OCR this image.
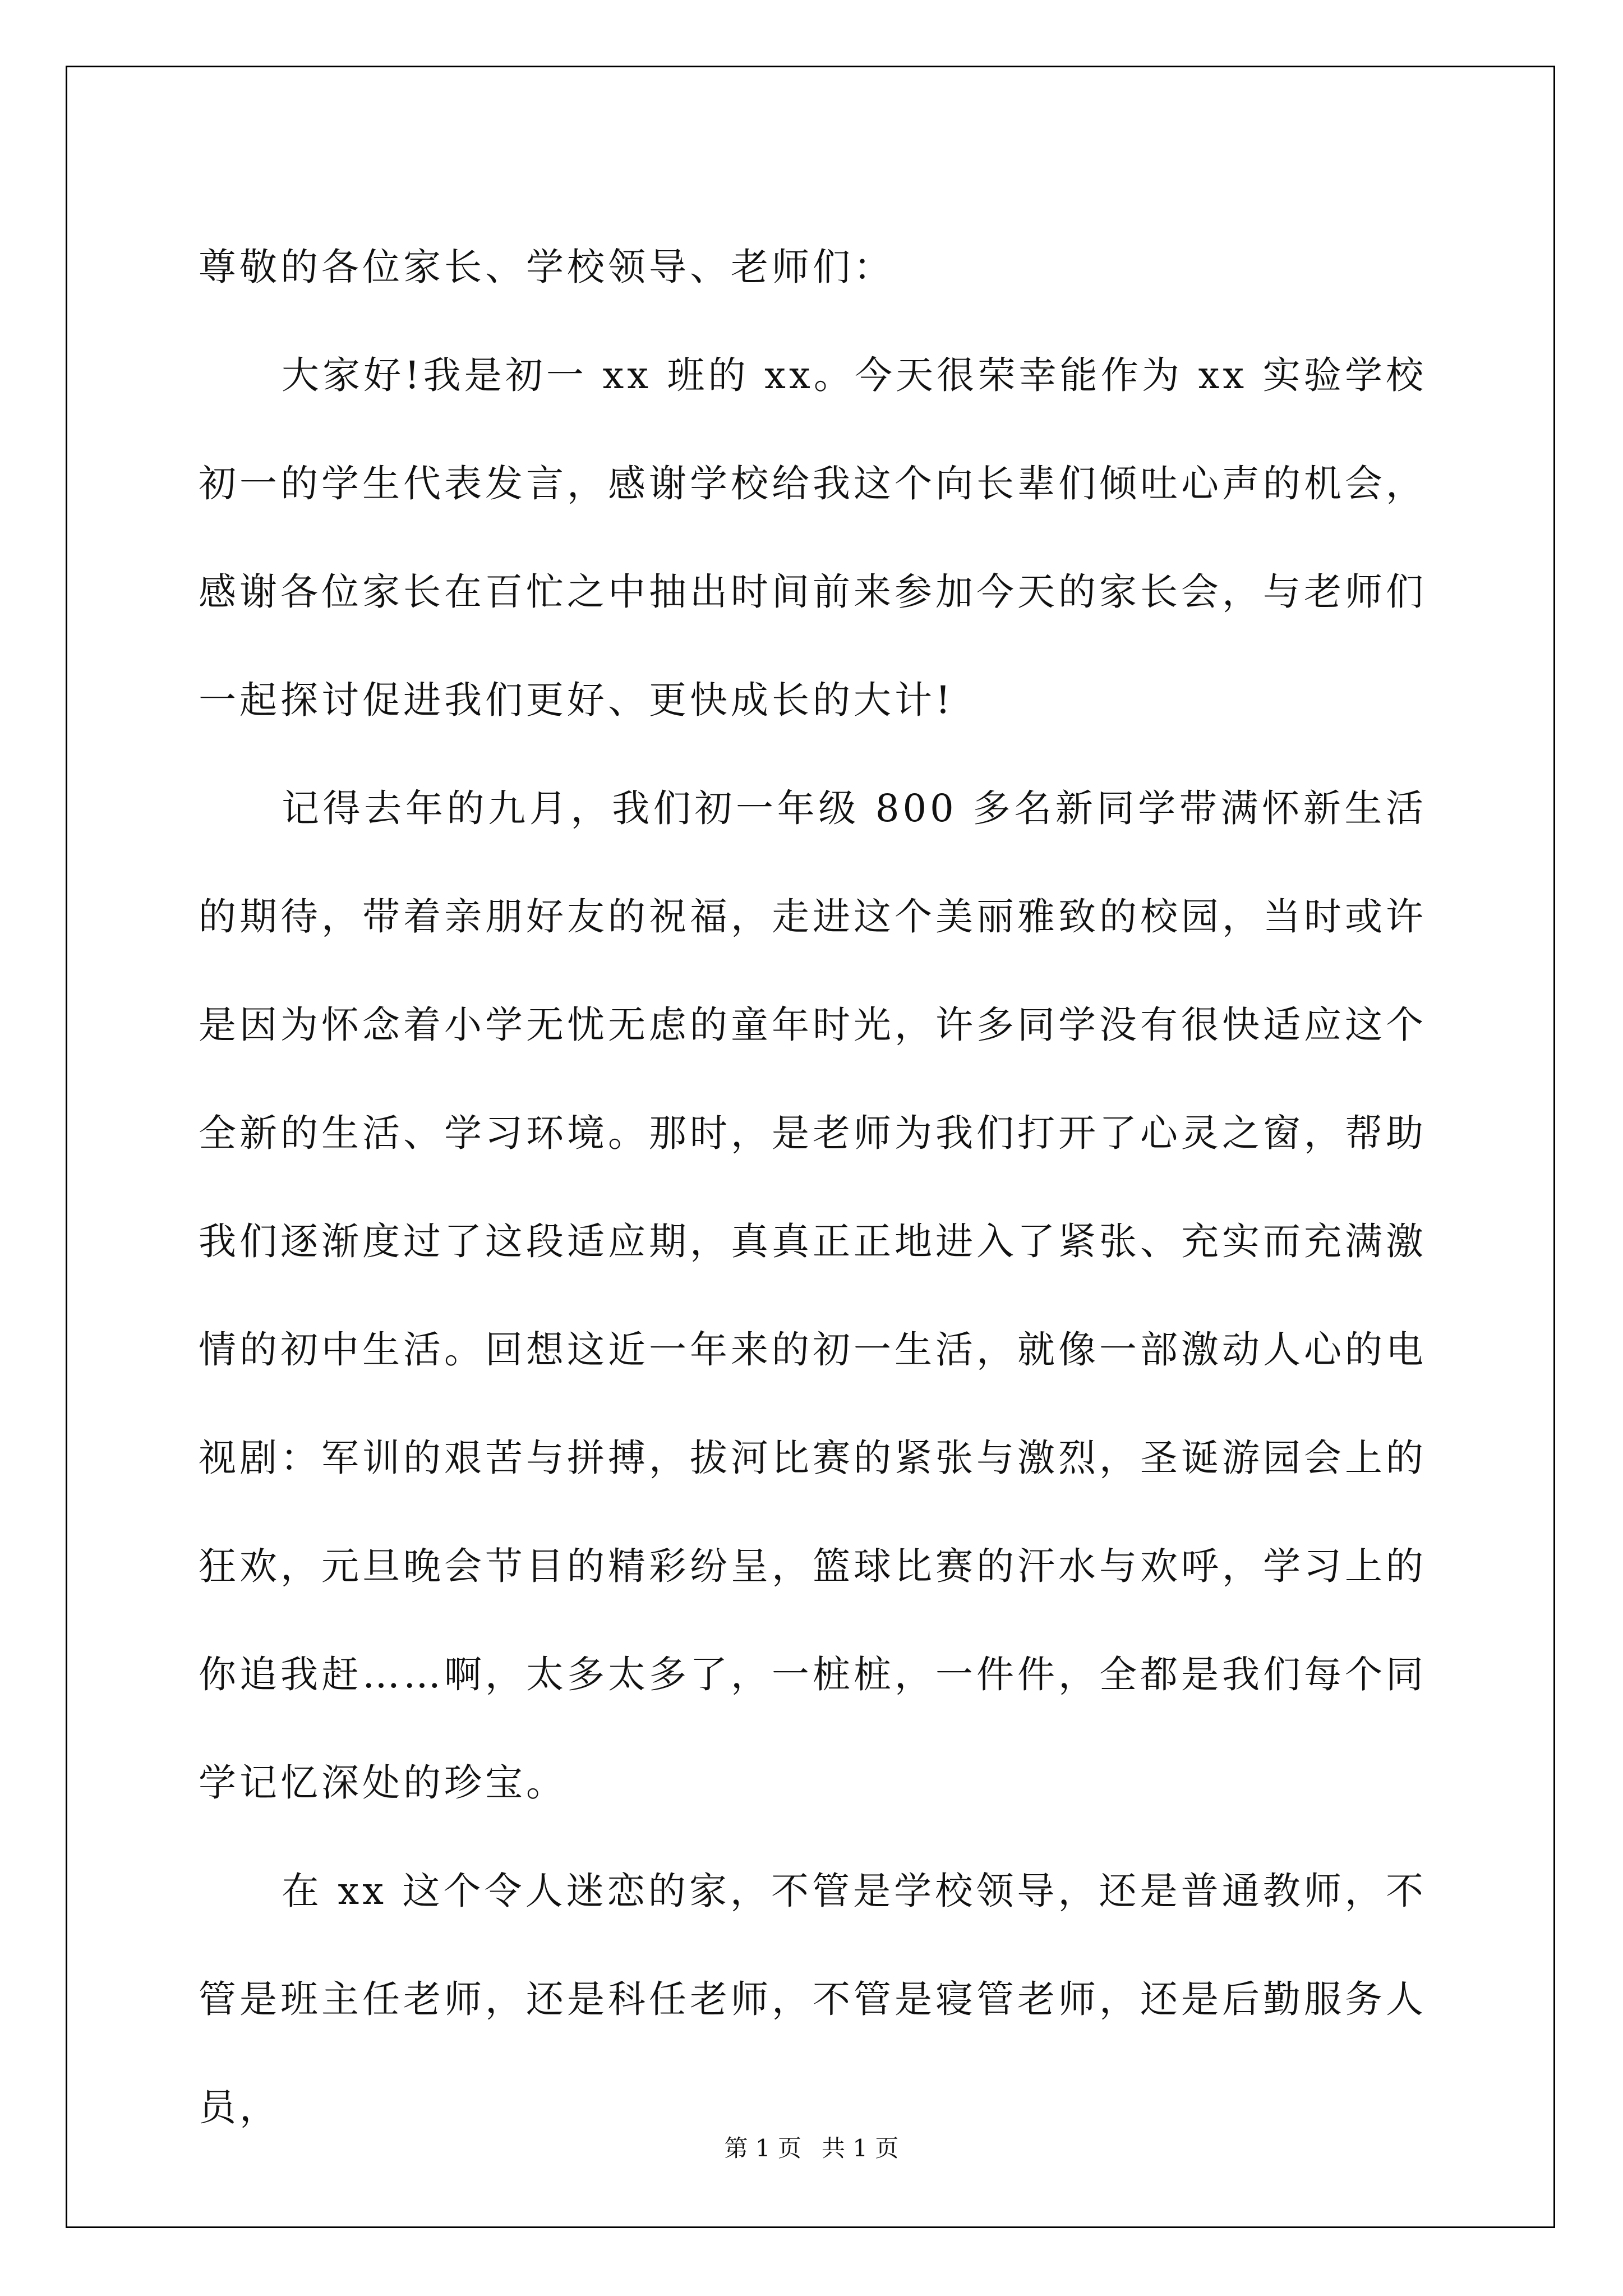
尊敬的各位家长、学校领导、老师们：

大家好!我是初一 xx 班的 xx。今天很荣幸能作为 xx 实验学校初一的学生代表发言，感谢学校给我这个向长辈们倾吐心声的机会，感谢各位家长在百忙之中抽出时间前来参加今天的家长会，与老师们一起探讨促进我们更好、更快成长的大计!

记得去年的九月，我们初一年级 800 多名新同学带满怀新生活的期待，带着亲朋好友的祝福，走进这个美丽雅致的校园，当时或许是因为怀念着小学无忧无虑的童年时光，许多同学没有很快适应这个全新的生活、学习环境。那时，是老师为我们打开了心灵之窗，帮助我们逐渐度过了这段适应期，真真正正地进入了紧张、充实而充满激情的初中生活。回想这近一年来的初一生活，就像一部激动人心的电视剧：军训的艰苦与拼搏，拔河比赛的紧张与激烈，圣诞游园会上的狂欢，元旦晚会节目的精彩纷呈，篮球比赛的汗水与欢呼，学习上的你追我赶……啊，太多太多了，一桩桩，一件件，全都是我们每个同学记忆深处的珍宝。

在 xx 这个令人迷恋的家，不管是学校领导，还是普通教师，不管是班主任老师，还是科任老师，不管是寝管老师，还是后勤服务人员，

第 1 页 共 1 页
